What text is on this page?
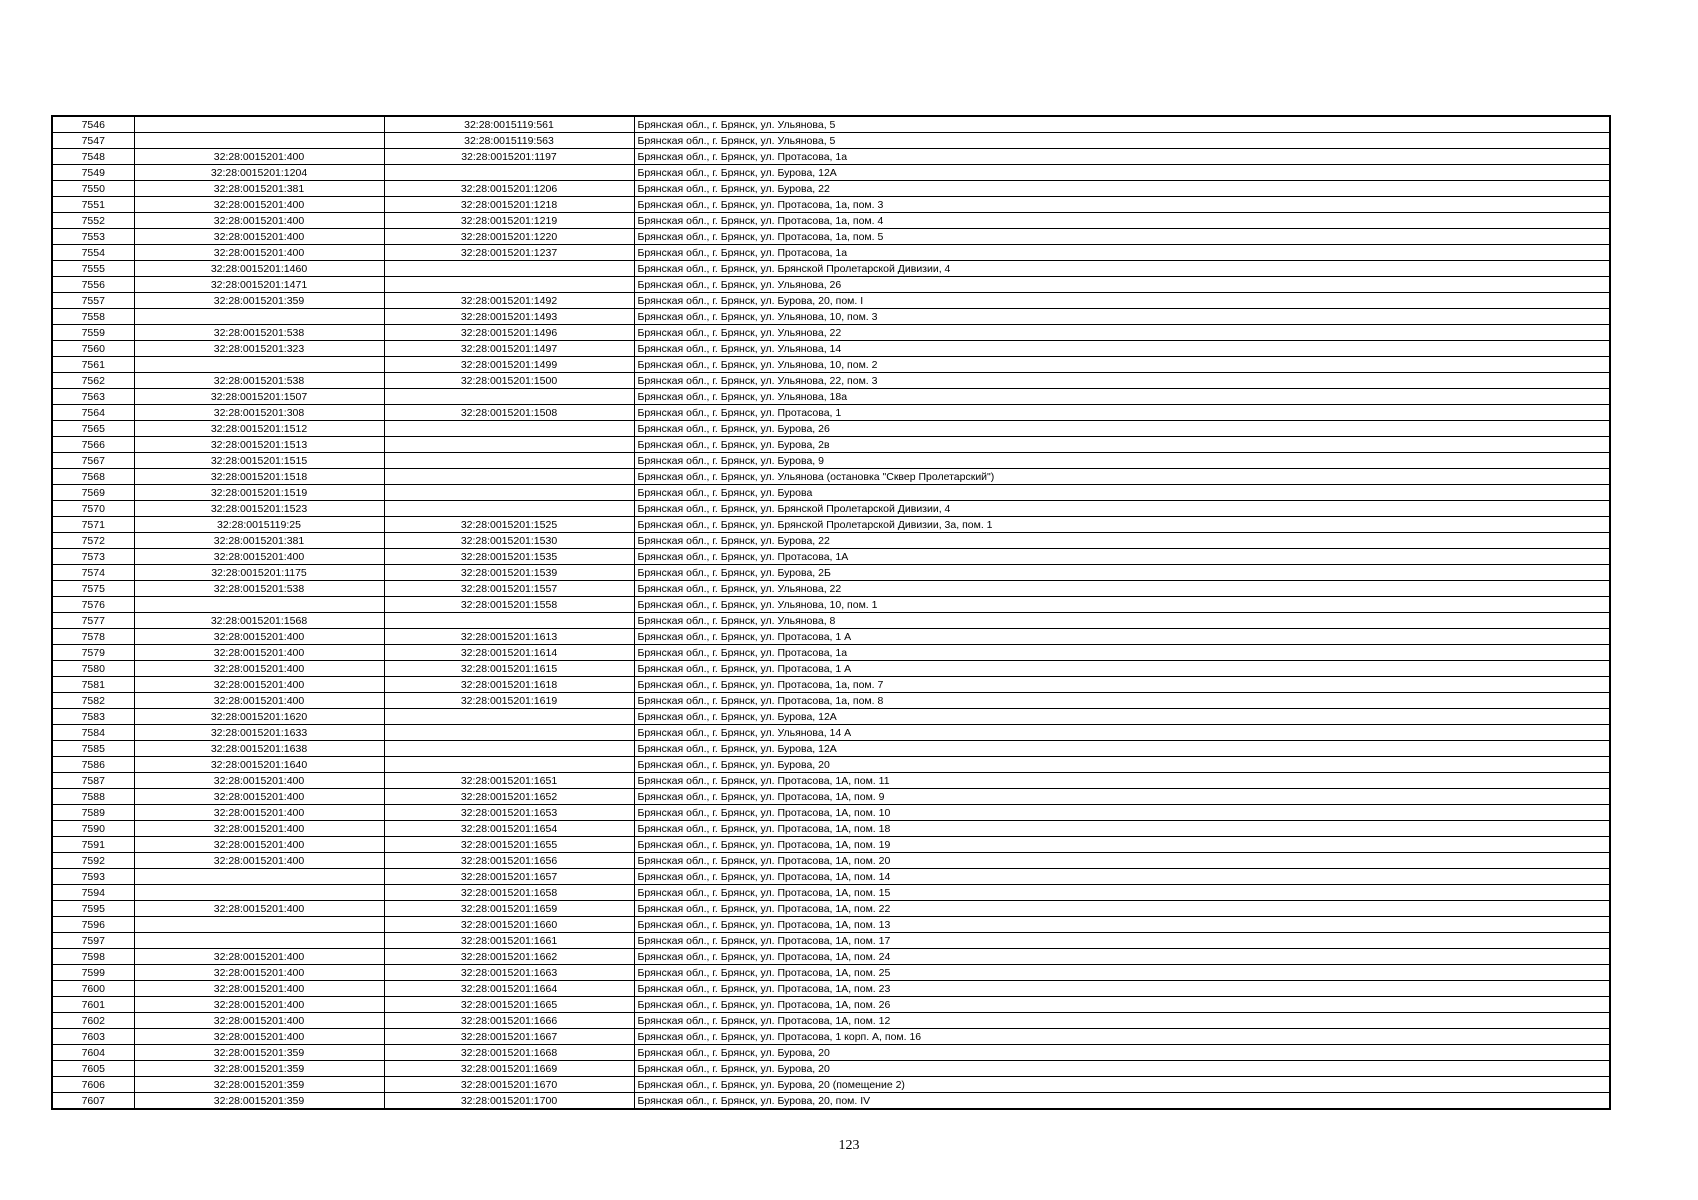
7546		32:28:0015119:561	Брянская обл., г. Брянск, ул. Ульянова, 5
7547		32:28:0015119:563	Брянская обл., г. Брянск, ул. Ульянова, 5
7548	32:28:0015201:400	32:28:0015201:1197	Брянская обл., г. Брянск, ул. Протасова, 1а
7549	32:28:0015201:1204		Брянская обл., г. Брянск, ул. Бурова, 12А
7550	32:28:0015201:381	32:28:0015201:1206	Брянская обл., г. Брянск, ул. Бурова, 22
7551	32:28:0015201:400	32:28:0015201:1218	Брянская обл., г. Брянск, ул. Протасова, 1а, пом. 3
7552	32:28:0015201:400	32:28:0015201:1219	Брянская обл., г. Брянск, ул. Протасова, 1а, пом. 4
7553	32:28:0015201:400	32:28:0015201:1220	Брянская обл., г. Брянск, ул. Протасова, 1а, пом. 5
7554	32:28:0015201:400	32:28:0015201:1237	Брянская обл., г. Брянск, ул. Протасова, 1а
7555	32:28:0015201:1460		Брянская обл., г. Брянск, ул. Брянской Пролетарской Дивизии, 4
7556	32:28:0015201:1471		Брянская обл., г. Брянск, ул. Ульянова, 26
7557	32:28:0015201:359	32:28:0015201:1492	Брянская обл., г. Брянск, ул. Бурова, 20, пом. I
7558		32:28:0015201:1493	Брянская обл., г. Брянск, ул. Ульянова, 10, пом. 3
7559	32:28:0015201:538	32:28:0015201:1496	Брянская обл., г. Брянск, ул. Ульянова, 22
7560	32:28:0015201:323	32:28:0015201:1497	Брянская обл., г. Брянск, ул. Ульянова, 14
7561		32:28:0015201:1499	Брянская обл., г. Брянск, ул. Ульянова, 10, пом. 2
7562	32:28:0015201:538	32:28:0015201:1500	Брянская обл., г. Брянск, ул. Ульянова, 22, пом. 3
7563	32:28:0015201:1507		Брянская обл., г. Брянск, ул. Ульянова, 18а
7564	32:28:0015201:308	32:28:0015201:1508	Брянская обл., г. Брянск, ул. Протасова, 1
7565	32:28:0015201:1512		Брянская обл., г. Брянск, ул. Бурова, 26
7566	32:28:0015201:1513		Брянская обл., г. Брянск, ул. Бурова, 2в
7567	32:28:0015201:1515		Брянская обл., г. Брянск, ул. Бурова, 9
7568	32:28:0015201:1518		Брянская обл., г. Брянск, ул. Ульянова (остановка "Сквер Пролетарский")
7569	32:28:0015201:1519		Брянская обл., г. Брянск, ул. Бурова
7570	32:28:0015201:1523		Брянская обл., г. Брянск, ул. Брянской Пролетарской Дивизии, 4
7571	32:28:0015119:25	32:28:0015201:1525	Брянская обл., г. Брянск, ул. Брянской Пролетарской Дивизии, 3а, пом. 1
7572	32:28:0015201:381	32:28:0015201:1530	Брянская обл., г. Брянск, ул. Бурова, 22
7573	32:28:0015201:400	32:28:0015201:1535	Брянская обл., г. Брянск, ул. Протасова, 1А
7574	32:28:0015201:1175	32:28:0015201:1539	Брянская обл., г. Брянск, ул. Бурова, 2Б
7575	32:28:0015201:538	32:28:0015201:1557	Брянская обл., г. Брянск, ул. Ульянова, 22
7576		32:28:0015201:1558	Брянская обл., г. Брянск, ул. Ульянова, 10, пом. 1
7577	32:28:0015201:1568		Брянская обл., г. Брянск, ул. Ульянова, 8
7578	32:28:0015201:400	32:28:0015201:1613	Брянская обл., г. Брянск, ул. Протасова, 1 А
7579	32:28:0015201:400	32:28:0015201:1614	Брянская обл., г. Брянск, ул. Протасова, 1а
7580	32:28:0015201:400	32:28:0015201:1615	Брянская обл., г. Брянск, ул. Протасова, 1 А
7581	32:28:0015201:400	32:28:0015201:1618	Брянская обл., г. Брянск, ул. Протасова, 1а, пом. 7
7582	32:28:0015201:400	32:28:0015201:1619	Брянская обл., г. Брянск, ул. Протасова, 1а, пом. 8
7583	32:28:0015201:1620		Брянская обл., г. Брянск, ул. Бурова, 12А
7584	32:28:0015201:1633		Брянская обл., г. Брянск, ул. Ульянова, 14 А
7585	32:28:0015201:1638		Брянская обл., г. Брянск, ул. Бурова, 12А
7586	32:28:0015201:1640		Брянская обл., г. Брянск, ул. Бурова, 20
7587	32:28:0015201:400	32:28:0015201:1651	Брянская обл., г. Брянск, ул. Протасова, 1А, пом. 11
7588	32:28:0015201:400	32:28:0015201:1652	Брянская обл., г. Брянск, ул. Протасова, 1А, пом. 9
7589	32:28:0015201:400	32:28:0015201:1653	Брянская обл., г. Брянск, ул. Протасова, 1А, пом. 10
7590	32:28:0015201:400	32:28:0015201:1654	Брянская обл., г. Брянск, ул. Протасова, 1А, пом. 18
7591	32:28:0015201:400	32:28:0015201:1655	Брянская обл., г. Брянск, ул. Протасова, 1А, пом. 19
7592	32:28:0015201:400	32:28:0015201:1656	Брянская обл., г. Брянск, ул. Протасова, 1А, пом. 20
7593		32:28:0015201:1657	Брянская обл., г. Брянск, ул. Протасова, 1А, пом. 14
7594		32:28:0015201:1658	Брянская обл., г. Брянск, ул. Протасова, 1А, пом. 15
7595	32:28:0015201:400	32:28:0015201:1659	Брянская обл., г. Брянск, ул. Протасова, 1А, пом. 22
7596		32:28:0015201:1660	Брянская обл., г. Брянск, ул. Протасова, 1А, пом. 13
7597		32:28:0015201:1661	Брянская обл., г. Брянск, ул. Протасова, 1А, пом. 17
7598	32:28:0015201:400	32:28:0015201:1662	Брянская обл., г. Брянск, ул. Протасова, 1А, пом. 24
7599	32:28:0015201:400	32:28:0015201:1663	Брянская обл., г. Брянск, ул. Протасова, 1А, пом. 25
7600	32:28:0015201:400	32:28:0015201:1664	Брянская обл., г. Брянск, ул. Протасова, 1А, пом. 23
7601	32:28:0015201:400	32:28:0015201:1665	Брянская обл., г. Брянск, ул. Протасова, 1А, пом. 26
7602	32:28:0015201:400	32:28:0015201:1666	Брянская обл., г. Брянск, ул. Протасова, 1А, пом. 12
7603	32:28:0015201:400	32:28:0015201:1667	Брянская обл., г. Брянск, ул. Протасова, 1 корп. А, пом. 16
7604	32:28:0015201:359	32:28:0015201:1668	Брянская обл., г. Брянск, ул. Бурова, 20
7605	32:28:0015201:359	32:28:0015201:1669	Брянская обл., г. Брянск, ул. Бурова, 20
7606	32:28:0015201:359	32:28:0015201:1670	Брянская обл., г. Брянск, ул. Бурова, 20 (помещение 2)
7607	32:28:0015201:359	32:28:0015201:1700	Брянская обл., г. Брянск, ул. Бурова, 20, пом. IV
123
